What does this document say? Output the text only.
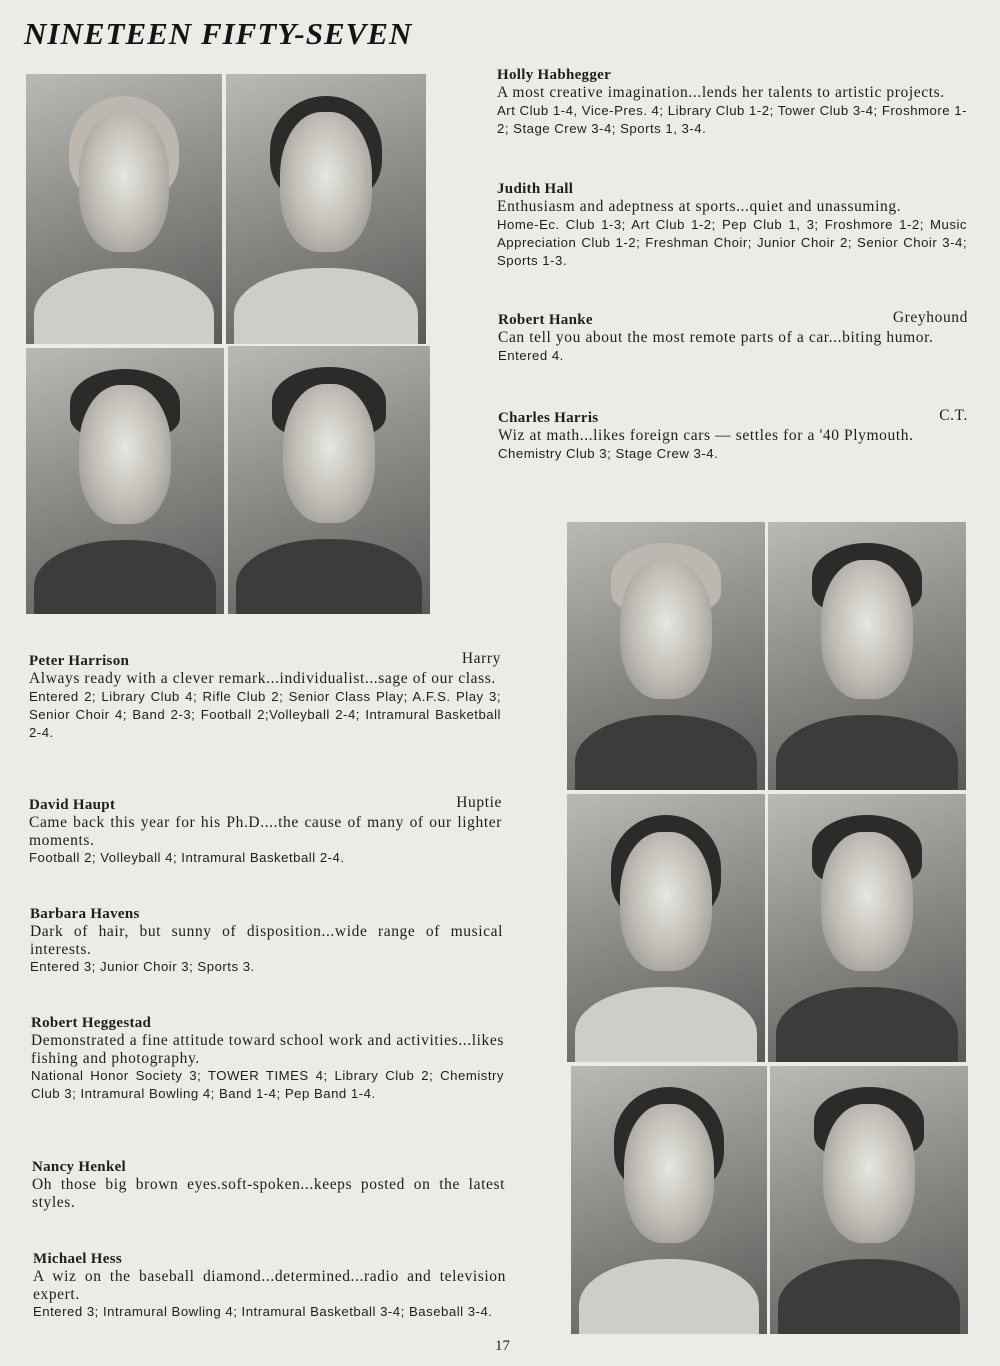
NINETEEN FIFTY-SEVEN
Holly Habhegger
A most creative imagination...lends her talents to artistic projects.
Art Club 1-4, Vice-Pres. 4; Library Club 1-2; Tower Club 3-4; Froshmore 1-2; Stage Crew 3-4; Sports 1, 3-4.
Judith Hall
Enthusiasm and adeptness at sports...quiet and unassuming.
Home-Ec. Club 1-3; Art Club 1-2; Pep Club 1, 3; Froshmore 1-2; Music Appreciation Club 1-2; Freshman Choir; Junior Choir 2; Senior Choir 3-4; Sports 1-3.
Robert Hanke	Greyhound
Can tell you about the most remote parts of a car...biting humor.
Entered 4.
Charles Harris	C.T.
Wiz at math...likes foreign cars — settles for a '40 Plymouth.
Chemistry Club 3; Stage Crew 3-4.
Peter Harrison	Harry
Always ready with a clever remark...individualist...sage of our class.
Entered 2; Library Club 4; Rifle Club 2; Senior Class Play; A.F.S. Play 3; Senior Choir 4; Band 2-3; Football 2;Volleyball 2-4; Intramural Basketball 2-4.
David Haupt	Huptie
Came back this year for his Ph.D....the cause of many of our lighter moments.
Football 2; Volleyball 4; Intramural Basketball 2-4.
Barbara Havens
Dark of hair, but sunny of disposition...wide range of musical interests.
Entered 3; Junior Choir 3; Sports 3.
Robert Heggestad
Demonstrated a fine attitude toward school work and activities...likes fishing and photography.
National Honor Society 3; TOWER TIMES 4; Library Club 2; Chemistry Club 3; Intramural Bowling 4; Band 1-4; Pep Band 1-4.
Nancy Henkel
Oh those big brown eyes.soft-spoken...keeps posted on the latest styles.
Michael Hess
A wiz on the baseball diamond...determined...radio and television expert.
Entered 3; Intramural Bowling 4; Intramural Basketball 3-4; Baseball 3-4.
17
